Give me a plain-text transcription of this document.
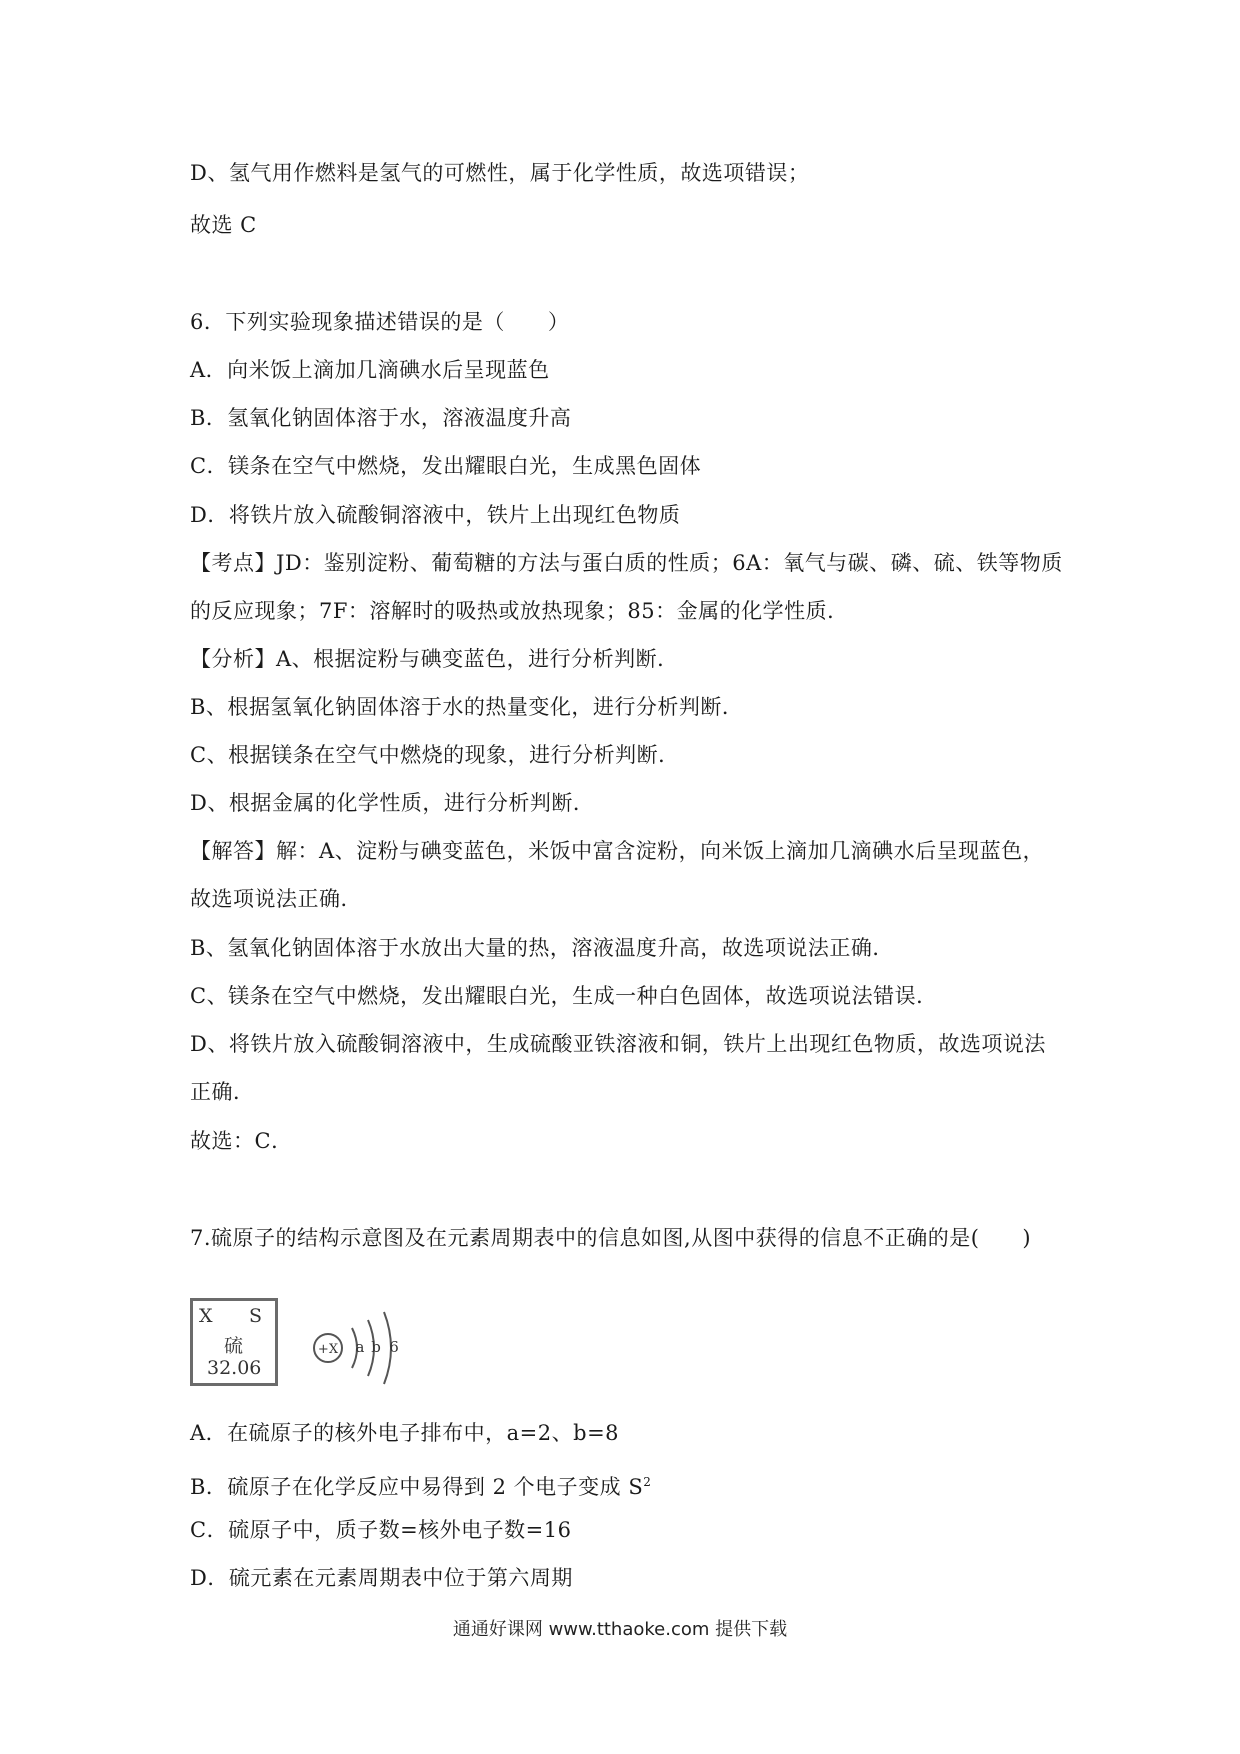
D、氢气用作燃料是氢气的可燃性，属于化学性质，故选项错误；
故选 C
6．下列实验现象描述错误的是（　　）
A．向米饭上滴加几滴碘水后呈现蓝色
B．氢氧化钠固体溶于水，溶液温度升高
C．镁条在空气中燃烧，发出耀眼白光，生成黑色固体
D．将铁片放入硫酸铜溶液中，铁片上出现红色物质
【考点】JD：鉴别淀粉、葡萄糖的方法与蛋白质的性质；6A：氧气与碳、磷、硫、铁等物质
的反应现象；7F：溶解时的吸热或放热现象；85：金属的化学性质．
【分析】A、根据淀粉与碘变蓝色，进行分析判断．
B、根据氢氧化钠固体溶于水的热量变化，进行分析判断．
C、根据镁条在空气中燃烧的现象，进行分析判断．
D、根据金属的化学性质，进行分析判断．
【解答】解：A、淀粉与碘变蓝色，米饭中富含淀粉，向米饭上滴加几滴碘水后呈现蓝色，
故选项说法正确．
B、氢氧化钠固体溶于水放出大量的热，溶液温度升高，故选项说法正确．
C、镁条在空气中燃烧，发出耀眼白光，生成一种白色固体，故选项说法错误．
D、将铁片放入硫酸铜溶液中，生成硫酸亚铁溶液和铜，铁片上出现红色物质，故选项说法
正确．
故选：C．
7.硫原子的结构示意图及在元素周期表中的信息如图,从图中获得的信息不正确的是(　　)
X S
硫
32.06
+X a b 6
A．在硫原子的核外电子排布中，a=2、b=8
B．硫原子在化学反应中易得到 2 个电子变成 $S^2$
C．硫原子中，质子数=核外电子数=16
D．硫元素在元素周期表中位于第六周期
通通好课网 www.tthaoke.com 提供下载
